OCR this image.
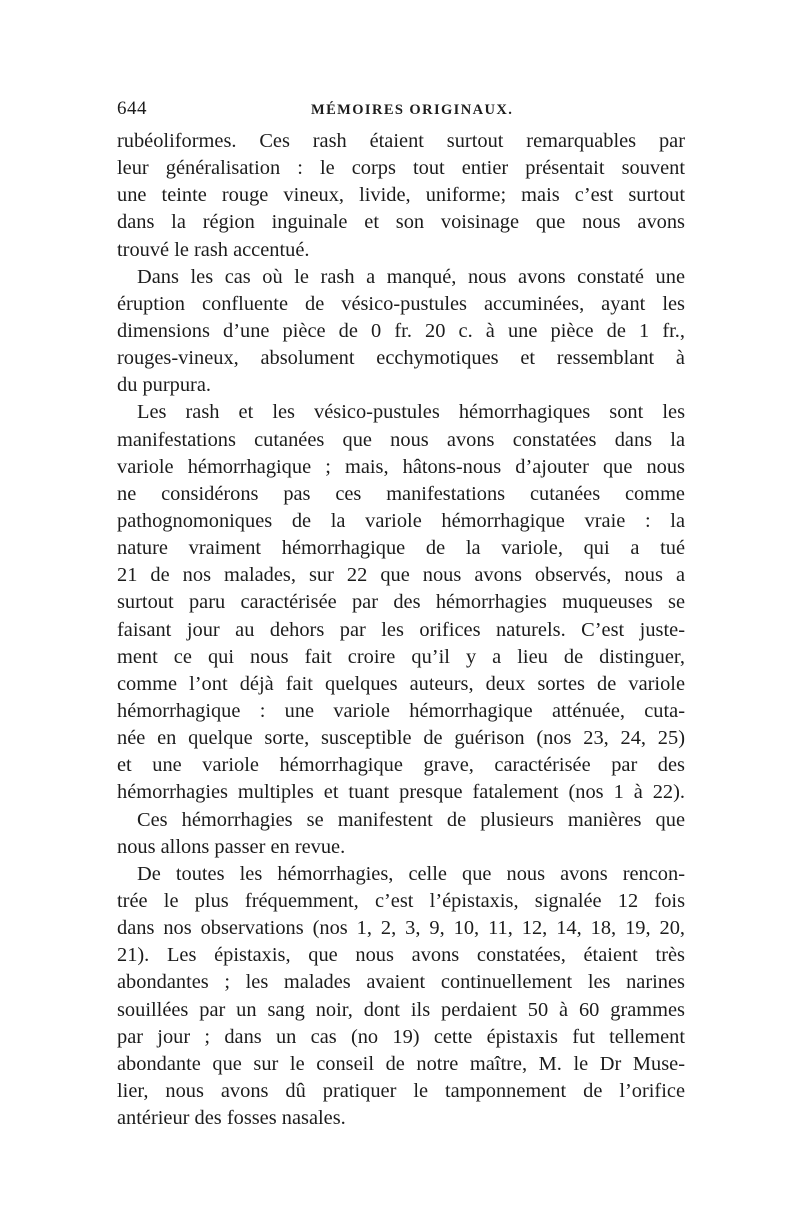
644	MÉMOIRES ORIGINAUX.
rubéoliformes. Ces rash étaient surtout remarquables par
leur généralisation : le corps tout entier présentait souvent
une teinte rouge vineux, livide, uniforme; mais c’est surtout
dans la région inguinale et son voisinage que nous avons
trouvé le rash accentué.
Dans les cas où le rash a manqué, nous avons constaté une
éruption confluente de vésico-pustules accuminées, ayant les
dimensions d’une pièce de 0 fr. 20 c. à une pièce de 1 fr.,
rouges-vineux, absolument ecchymotiques et ressemblant à
du purpura.
Les rash et les vésico-pustules hémorrhagiques sont les
manifestations cutanées que nous avons constatées dans la
variole hémorrhagique ; mais, hâtons-nous d’ajouter que nous
ne considérons pas ces manifestations cutanées comme
pathognomoniques de la variole hémorrhagique vraie : la
nature vraiment hémorrhagique de la variole, qui a tué
21 de nos malades, sur 22 que nous avons observés, nous a
surtout paru caractérisée par des hémorrhagies muqueuses se
faisant jour au dehors par les orifices naturels. C’est juste-
ment ce qui nous fait croire qu’il y a lieu de distinguer,
comme l’ont déjà fait quelques auteurs, deux sortes de variole
hémorrhagique : une variole hémorrhagique atténuée, cuta-
née en quelque sorte, susceptible de guérison (nos 23, 24, 25)
et une variole hémorrhagique grave, caractérisée par des
hémorrhagies multiples et tuant presque fatalement (nos 1 à 22).
Ces hémorrhagies se manifestent de plusieurs manières que
nous allons passer en revue.
De toutes les hémorrhagies, celle que nous avons rencon-
trée le plus fréquemment, c’est l’épistaxis, signalée 12 fois
dans nos observations (nos 1, 2, 3, 9, 10, 11, 12, 14, 18, 19, 20,
21). Les épistaxis, que nous avons constatées, étaient très
abondantes ; les malades avaient continuellement les narines
souillées par un sang noir, dont ils perdaient 50 à 60 grammes
par jour ; dans un cas (no 19) cette épistaxis fut tellement
abondante que sur le conseil de notre maître, M. le Dr Muse-
lier, nous avons dû pratiquer le tamponnement de l’orifice
antérieur des fosses nasales.
